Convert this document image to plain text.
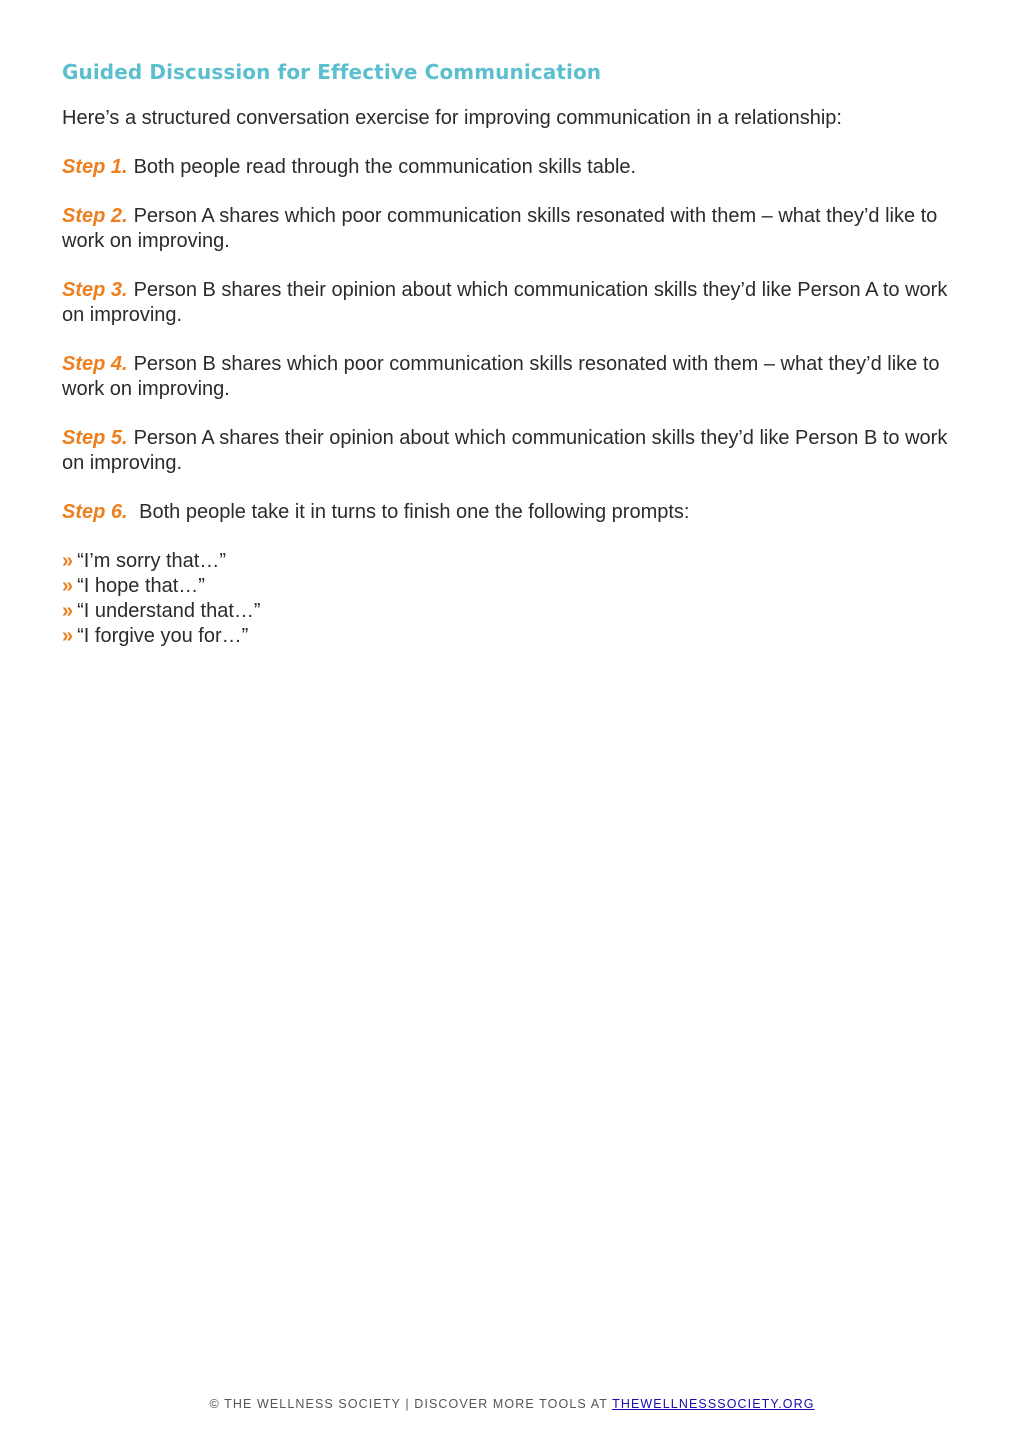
Guided Discussion for Effective Communication

Here’s a structured conversation exercise for improving communication in a relationship:

Step 1. Both people read through the communication skills table.

Step 2. Person A shares which poor communication skills resonated with them – what they’d like to work on improving.

Step 3. Person B shares their opinion about which communication skills they’d like Person A to work on improving.

Step 4. Person B shares which poor communication skills resonated with them – what they’d like to work on improving.

Step 5. Person A shares their opinion about which communication skills they’d like Person B to work on improving.

Step 6. Both people take it in turns to finish one the following prompts:

» “I’m sorry that…”
» “I hope that…”
» “I understand that…”
» “I forgive you for…”
© THE WELLNESS SOCIETY | DISCOVER MORE TOOLS AT THEWELLNESSSOCIETY.ORG
